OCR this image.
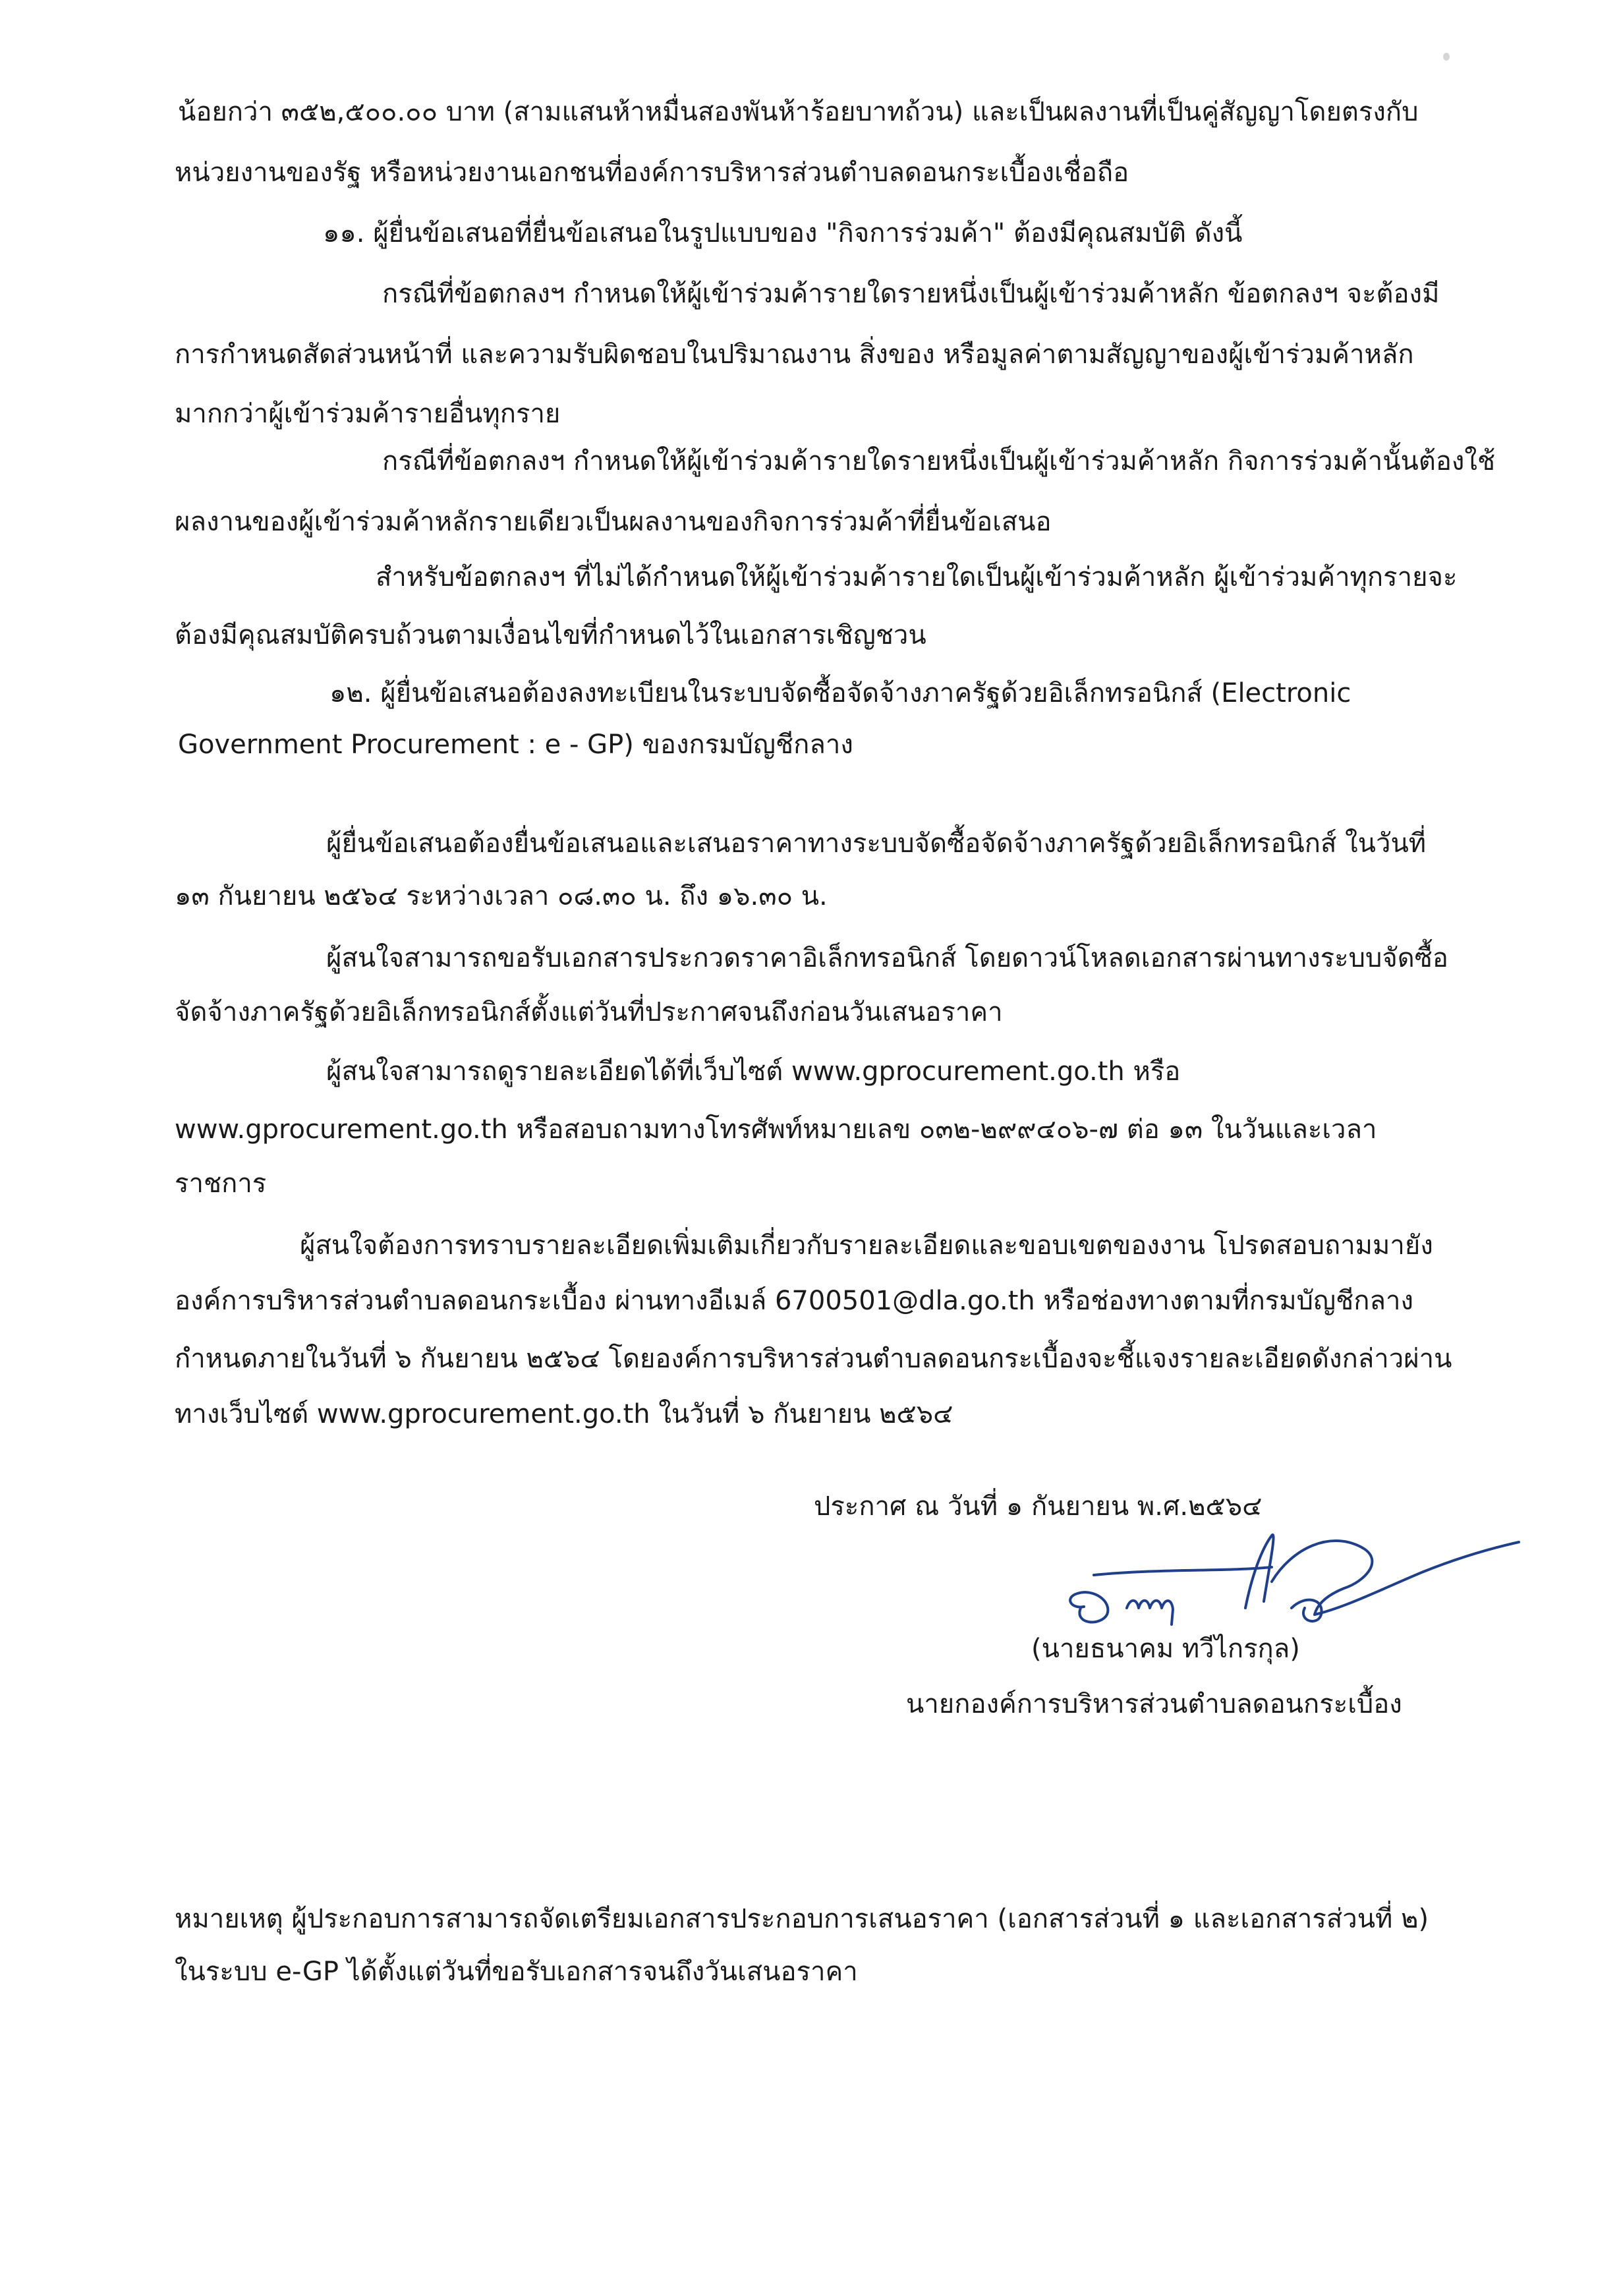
น้อยกว่า ๓๕๒,๕๐๐.๐๐ บาท (สามแสนห้าหมื่นสองพันห้าร้อยบาทถ้วน) และเป็นผลงานที่เป็นคู่สัญญาโดยตรงกับ
หน่วยงานของรัฐ หรือหน่วยงานเอกชนที่องค์การบริหารส่วนตำบลดอนกระเบื้องเชื่อถือ
๑๑. ผู้ยื่นข้อเสนอที่ยื่นข้อเสนอในรูปแบบของ "กิจการร่วมค้า" ต้องมีคุณสมบัติ ดังนี้
กรณีที่ข้อตกลงฯ กำหนดให้ผู้เข้าร่วมค้ารายใดรายหนึ่งเป็นผู้เข้าร่วมค้าหลัก ข้อตกลงฯ จะต้องมี
การกำหนดสัดส่วนหน้าที่ และความรับผิดชอบในปริมาณงาน สิ่งของ หรือมูลค่าตามสัญญาของผู้เข้าร่วมค้าหลัก
มากกว่าผู้เข้าร่วมค้ารายอื่นทุกราย
กรณีที่ข้อตกลงฯ กำหนดให้ผู้เข้าร่วมค้ารายใดรายหนึ่งเป็นผู้เข้าร่วมค้าหลัก กิจการร่วมค้านั้นต้องใช้
ผลงานของผู้เข้าร่วมค้าหลักรายเดียวเป็นผลงานของกิจการร่วมค้าที่ยื่นข้อเสนอ
สำหรับข้อตกลงฯ ที่ไม่ได้กำหนดให้ผู้เข้าร่วมค้ารายใดเป็นผู้เข้าร่วมค้าหลัก ผู้เข้าร่วมค้าทุกรายจะ
ต้องมีคุณสมบัติครบถ้วนตามเงื่อนไขที่กำหนดไว้ในเอกสารเชิญชวน
๑๒. ผู้ยื่นข้อเสนอต้องลงทะเบียนในระบบจัดซื้อจัดจ้างภาครัฐด้วยอิเล็กทรอนิกส์ (Electronic
Government Procurement : e - GP) ของกรมบัญชีกลาง
ผู้ยื่นข้อเสนอต้องยื่นข้อเสนอและเสนอราคาทางระบบจัดซื้อจัดจ้างภาครัฐด้วยอิเล็กทรอนิกส์ ในวันที่
๑๓ กันยายน ๒๕๖๔ ระหว่างเวลา ๐๘.๓๐ น. ถึง ๑๖.๓๐ น.
ผู้สนใจสามารถขอรับเอกสารประกวดราคาอิเล็กทรอนิกส์ โดยดาวน์โหลดเอกสารผ่านทางระบบจัดซื้อ
จัดจ้างภาครัฐด้วยอิเล็กทรอนิกส์ตั้งแต่วันที่ประกาศจนถึงก่อนวันเสนอราคา
ผู้สนใจสามารถดูรายละเอียดได้ที่เว็บไซต์ www.gprocurement.go.th หรือ
www.gprocurement.go.th หรือสอบถามทางโทรศัพท์หมายเลข ๐๓๒-๒๙๙๔๐๖-๗ ต่อ ๑๓ ในวันและเวลา
ราชการ
ผู้สนใจต้องการทราบรายละเอียดเพิ่มเติมเกี่ยวกับรายละเอียดและขอบเขตของงาน โปรดสอบถามมายัง
องค์การบริหารส่วนตำบลดอนกระเบื้อง ผ่านทางอีเมล์ 6700501@dla.go.th หรือช่องทางตามที่กรมบัญชีกลาง
กำหนดภายในวันที่ ๖ กันยายน ๒๕๖๔ โดยองค์การบริหารส่วนตำบลดอนกระเบื้องจะชี้แจงรายละเอียดดังกล่าวผ่าน
ทางเว็บไซต์ www.gprocurement.go.th ในวันที่ ๖ กันยายน ๒๕๖๔
ประกาศ ณ วันที่ ๑ กันยายน พ.ศ.๒๕๖๔
(นายธนาคม ทวีไกรกุล)
นายกองค์การบริหารส่วนตำบลดอนกระเบื้อง
หมายเหตุ ผู้ประกอบการสามารถจัดเตรียมเอกสารประกอบการเสนอราคา (เอกสารส่วนที่ ๑ และเอกสารส่วนที่ ๒)
ในระบบ e-GP ได้ตั้งแต่วันที่ขอรับเอกสารจนถึงวันเสนอราคา
